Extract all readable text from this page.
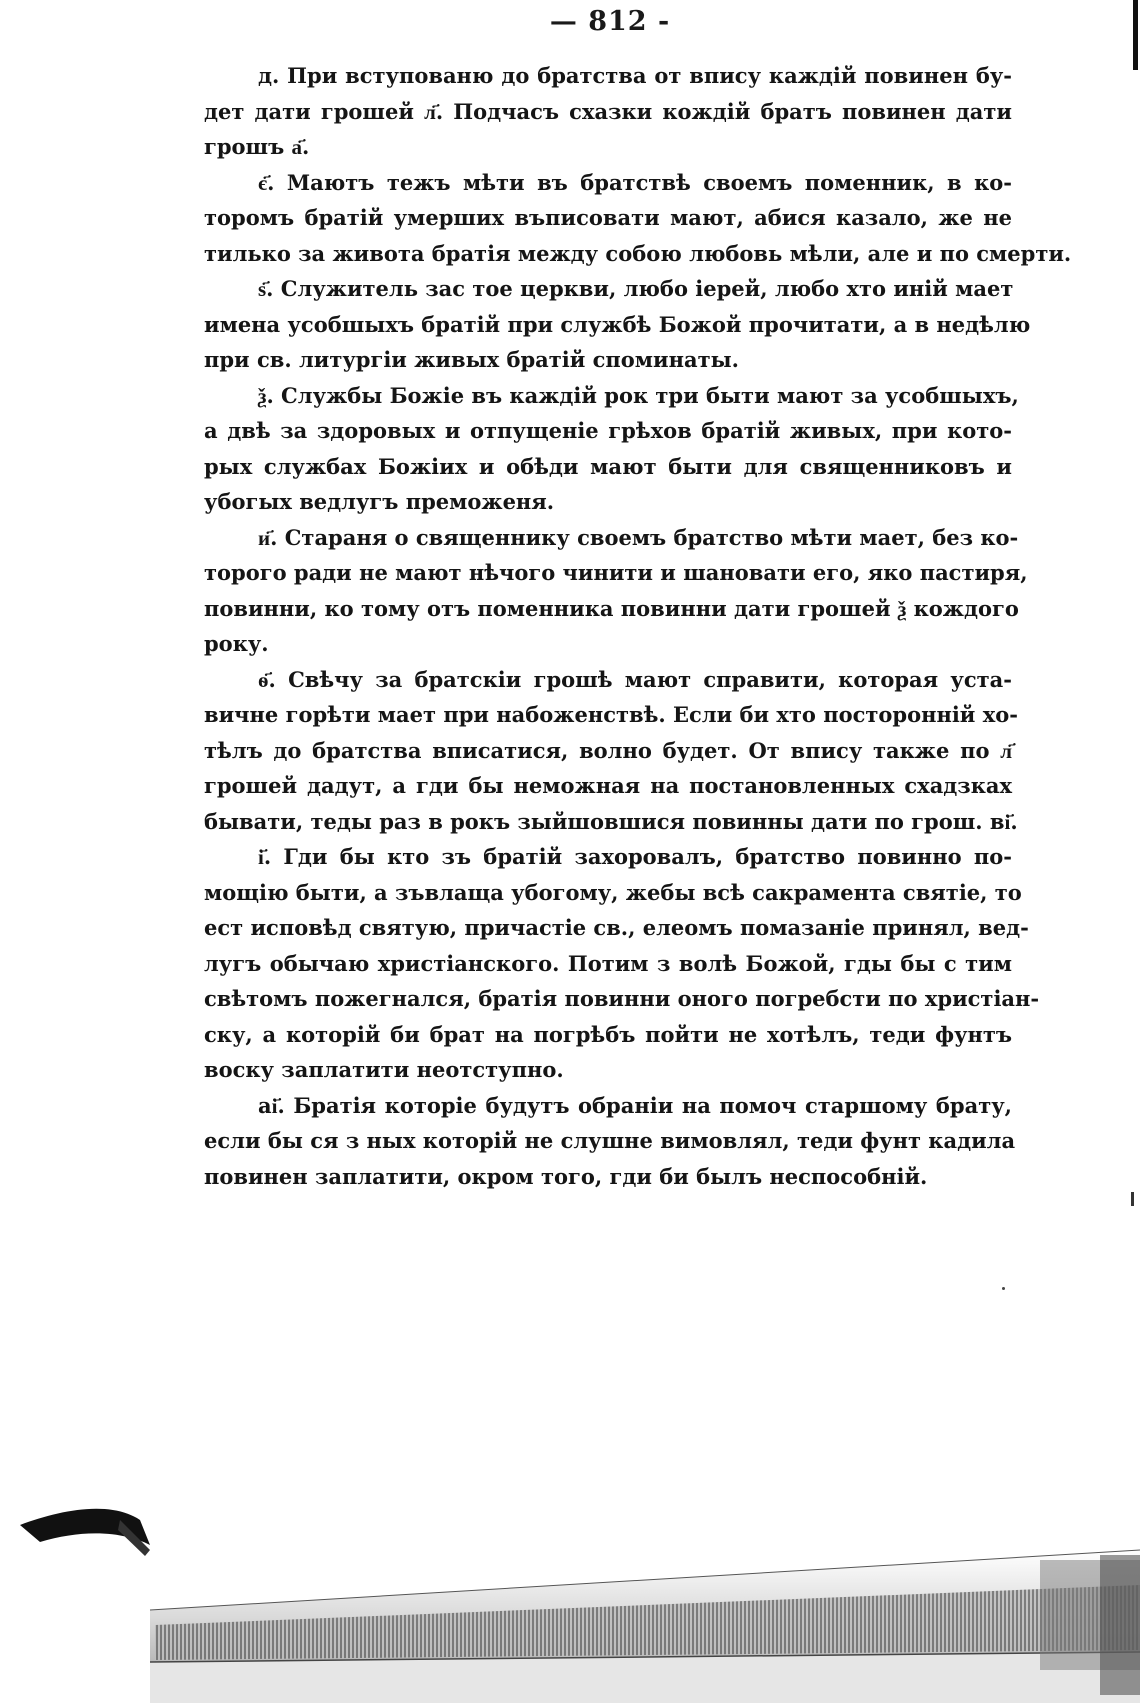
— 812 -
д. При вступованю до братства от впису каждій повинен бу-
дет дати грошей л҃. Подчасъ схазки кождій братъ повинен дати
грошъ а҃.
є҃. Маютъ тежъ мѣти въ братствѣ своемъ поменник, в ко-
торомъ братій умерших въписовати мают, абися казало, же не
тилько за живота братія между собою любовь мѣли, але и по смерти.
ѕ҃. Служитель зас тое церкви, любо іерей, любо хто иній мает
имена усобшыхъ братій при службѣ Божой прочитати, а в недѣлю
при св. литургіи живых братій споминаты.
ѯ. Службы Божіе въ каждій рок три быти мают за усобшыхъ,
а двѣ за здоровых и отпущеніе грѣхов братій живых, при кото-
рых службах Божіих и обѣди мают быти для священниковъ и
убогых ведлугъ преможеня.
и҃. Стараня о священнику своемъ братство мѣти мает, без ко-
торого ради не мают нѣчого чинити и шановати его, яко пастиря,
повинни, ко тому отъ поменника повинни дати грошей ѯ кождого
року.
ѳ҃. Свѣчу за братскіи грошѣ мают справити, которая уста-
вичне горѣти мает при набоженствѣ. Если би хто посторонній хо-
тѣлъ до братства вписатися, волно будет. От впису также по л҃
грошей дадут, а гди бы неможная на постановленных схадзках
бывати, теды раз в рокъ зыйшовшися повинны дати по грош. ві҃.
і҃. Гди бы кто зъ братій захоровалъ, братство повинно по-
мощію быти, а зъвлаща убогому, жебы всѣ сакрамента святіе, то
ест исповѣд святую, причастіе св., елеомъ помазаніе принял, вед-
лугъ обычаю христіанского. Потим з волѣ Божой, гды бы с тим
свѣтомъ пожегнался, братія повинни оного погребсти по христіан-
ску, а которій би брат на погрѣбъ пойти не хотѣлъ, теди фунтъ
воску заплатити неотступно.
аі҃. Братія которіе будутъ обраніи на помоч старшому брату,
если бы ся з ных которій не слушне вимовлял, теди фунт кадила
повинен заплатити, окром того, гди би былъ неспособній.
